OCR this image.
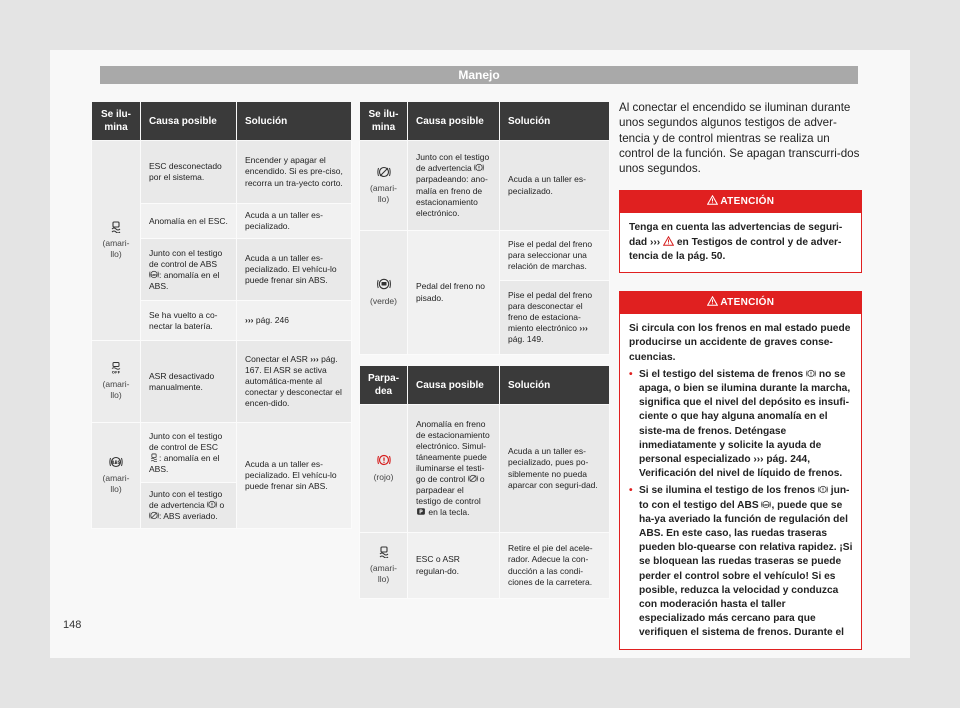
Manejo
Se ilu-
mina	Causa posible	Solución

(amari-
llo)	ESC desconectado por el sistema.	Encender y apagar el encendido. Si es pre-ciso, recorra un tra-yecto corto.
	Anomalía en el ESC.	Acuda a un taller es-pecializado.
	Junto con el testigo de control de ABS
: anomalía en el ABS.	Acuda a un taller es-pecializado. El vehícu-lo puede frenar sin ABS.
	Se ha vuelto a co-nectar la batería.	››› pág. 246

(amari-
llo)	ASR desactivado manualmente.	Conectar el ASR ››› pág. 167. El ASR se activa automática-mente al conectar y desconectar el encen-dido.

(amari-
llo)	Junto con el testigo de control de ESC
: anomalía en el ABS.	Acuda a un taller es-pecializado. El vehícu-lo puede frenar sin ABS.
	Junto con el testigo de advertencia
o
: ABS averiado.	
Se ilu-
mina	Causa posible	Solución

(amari-
llo)	Junto con el testigo de advertencia
parpadeando: ano-malía en freno de estacionamiento electrónico.	Acuda a un taller es-pecializado.

(verde)	Pedal del freno no pisado.	Pise el pedal del freno para seleccionar una relación de marchas.
		Pise el pedal del freno para desconectar el freno de estaciona-miento electrónico ››› pág. 149.
Parpa-
dea	Causa posible	Solución

(rojo)	Anomalía en freno de estacionamiento electrónico. Simul-táneamente puede iluminarse el testi-go de control
o parpadear el testigo de control
en la tecla.	Acuda a un taller es-pecializado, pues po-siblemente no pueda aparcar con seguri-dad.

(amari-
llo)	ESC o ASR regulan-do.	Retire el pie del acele-rador. Adecue la con-ducción a las condi-ciones de la carretera.
Al conectar el encendido se iluminan durante unos segundos algunos testigos de adver-tencia y de control mientras se realiza un control de la función. Se apagan transcurri-dos unos segundos.
ATENCIÓN

Tenga en cuenta las advertencias de seguri-dad ››› en Testigos de control y de adver-tencia de la pág. 50.

ATENCIÓN

Si circula con los frenos en mal estado puede producirse un accidente de graves conse-cuencias.

• Si el testigo del sistema de frenos no se apaga, o bien se ilumina durante la marcha, significa que el nivel del depósito es insufi-ciente o que hay alguna anomalía en el siste-ma de frenos. Deténgase inmediatamente y solicite la ayuda de personal especializado ››› pág. 244, Verificación del nivel de líquido de frenos.

• Si se ilumina el testigo de los frenos jun-to con el testigo del ABS , puede que se ha-ya averiado la función de regulación del ABS. En este caso, las ruedas traseras pueden blo-quearse con relativa rapidez. ¡Si se bloquean las ruedas traseras se puede perder el control sobre el vehículo! Si es posible, reduzca la velocidad y conduzca con moderación hasta el taller especializado más cercano para que verifiquen el sistema de frenos. Durante el

148
